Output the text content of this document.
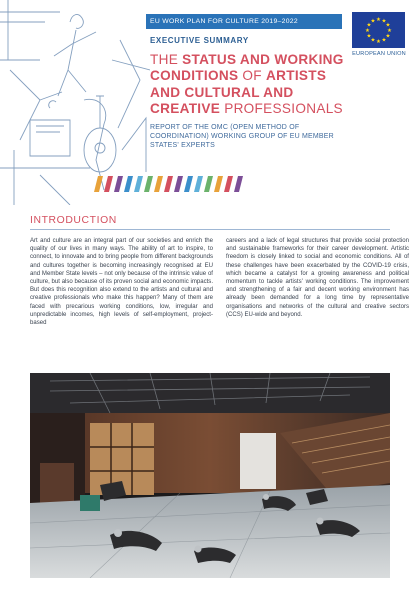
EU WORK PLAN FOR CULTURE 2019–2022
★
★
★
★
★
★
★
★
★ ★ ★
★
EUROPEAN UNION
EXECUTIVE SUMMARY
THE STATUS AND WORKING CONDITIONS OF ARTISTS AND CULTURAL AND CREATIVE PROFESSIONALS
REPORT OF THE OMC (OPEN METHOD OF COORDINATION) WORKING GROUP OF EU MEMBER STATES' EXPERTS
INTRODUCTION
Art and culture are an integral part of our societies and enrich the quality of our lives in many ways. The ability of art to inspire, to connect, to innovate and to bring people from different backgrounds and cultures together is becoming increasingly recognised at EU and Member State levels – not only because of the intrinsic value of culture, but also because of its proven social and economic impacts. But does this recognition also extend to the artists and cultural and creative professionals who make this happen? Many of them are faced with precarious working conditions, low, irregular and unpredictable incomes, high levels of self-employment, project-based
careers and a lack of legal structures that provide social protection and sustainable frameworks for their career development. Artistic freedom is closely linked to social and economic conditions. All of these challenges have been exacerbated by the COVID-19 crisis, which became a catalyst for a growing awareness and political momentum to tackle artists' working conditions. The improvement and strengthening of a fair and decent working environment has already been demanded for a long time by representative organisations and networks of the cultural and creative sectors (CCS) EU-wide and beyond.
